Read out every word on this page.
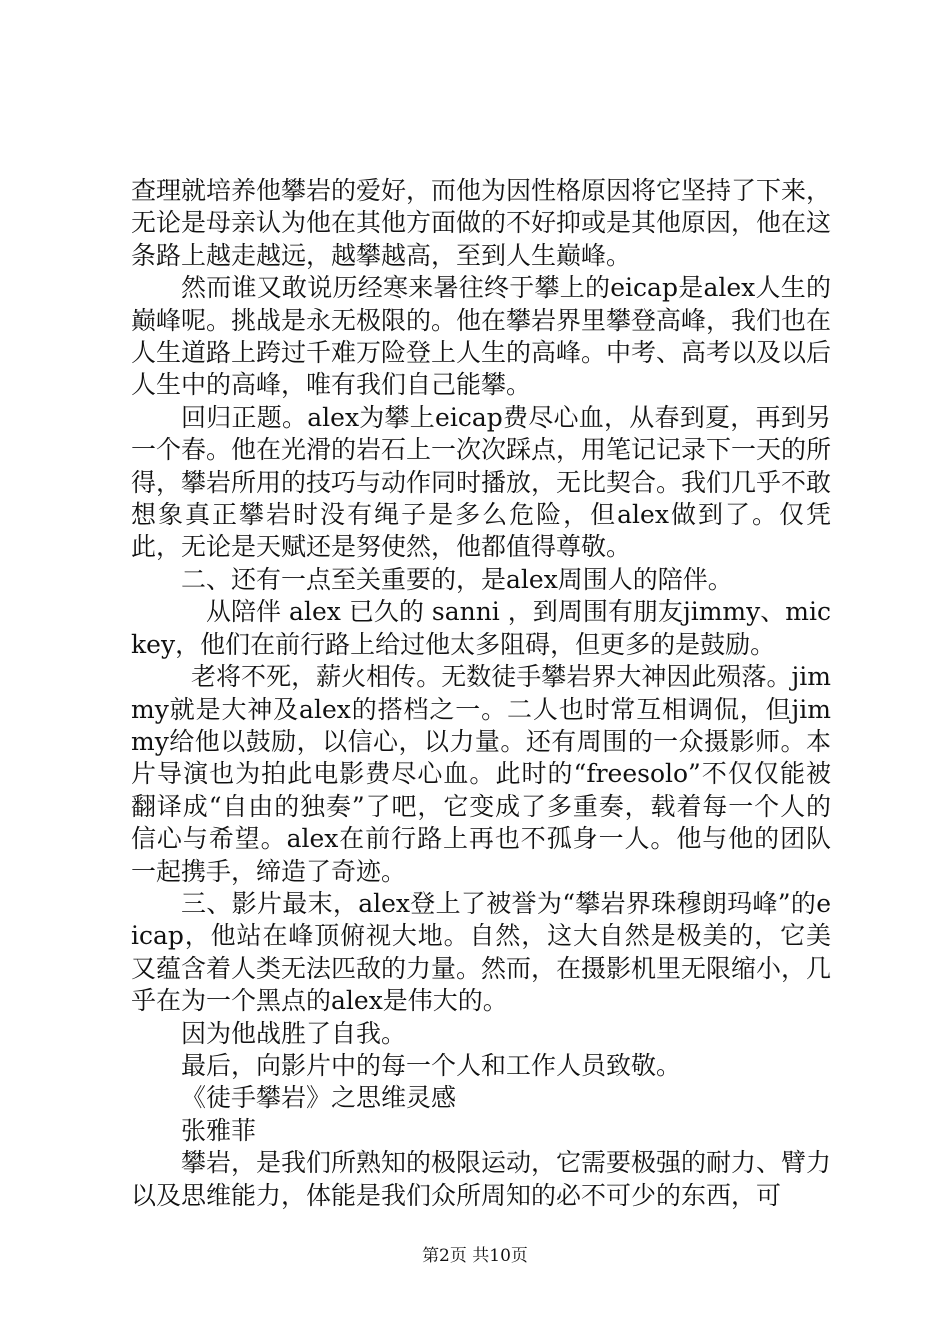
查理就培养他攀岩的爱好，而他为因性格原因将它坚持了下来，无论是母亲认为他在其他方面做的不好抑或是其他原因，他在这条路上越走越远，越攀越高，至到人生巅峰。

然而谁又敢说历经寒来暑往终于攀上的eicap是alex人生的巅峰呢。挑战是永无极限的。他在攀岩界里攀登高峰，我们也在人生道路上跨过千难万险登上人生的高峰。中考、高考以及以后人生中的高峰，唯有我们自己能攀。

回归正题。alex为攀上eicap费尽心血，从春到夏，再到另一个春。他在光滑的岩石上一次次踩点，用笔记记录下一天的所得，攀岩所用的技巧与动作同时播放，无比契合。我们几乎不敢想象真正攀岩时没有绳子是多么危险，但alex做到了。仅凭此，无论是天赋还是努使然，他都值得尊敬。

二、还有一点至关重要的，是alex周围人的陪伴。

从陪伴 alex 已久的 sanni ，到周围有朋友jimmy、mickey，他们在前行路上给过他太多阻碍，但更多的是鼓励。

老将不死，薪火相传。无数徒手攀岩界大神因此殒落。jimmy就是大神及alex的搭档之一。二人也时常互相调侃，但jimmy给他以鼓励，以信心，以力量。还有周围的一众摄影师。本片导演也为拍此电影费尽心血。此时的“freesolo”不仅仅能被翻译成“自由的独奏”了吧，它变成了多重奏，载着每一个人的信心与希望。alex在前行路上再也不孤身一人。他与他的团队一起携手，缔造了奇迹。

三、影片最末，alex登上了被誉为“攀岩界珠穆朗玛峰”的eicap，他站在峰顶俯视大地。自然，这大自然是极美的，它美又蕴含着人类无法匹敌的力量。然而，在摄影机里无限缩小，几乎在为一个黑点的alex是伟大的。

因为他战胜了自我。

最后，向影片中的每一个人和工作人员致敬。

《徒手攀岩》之思维灵感

张雅菲

攀岩，是我们所熟知的极限运动，它需要极强的耐力、臂力以及思维能力，体能是我们众所周知的必不可少的东西，可

第2页 共10页
